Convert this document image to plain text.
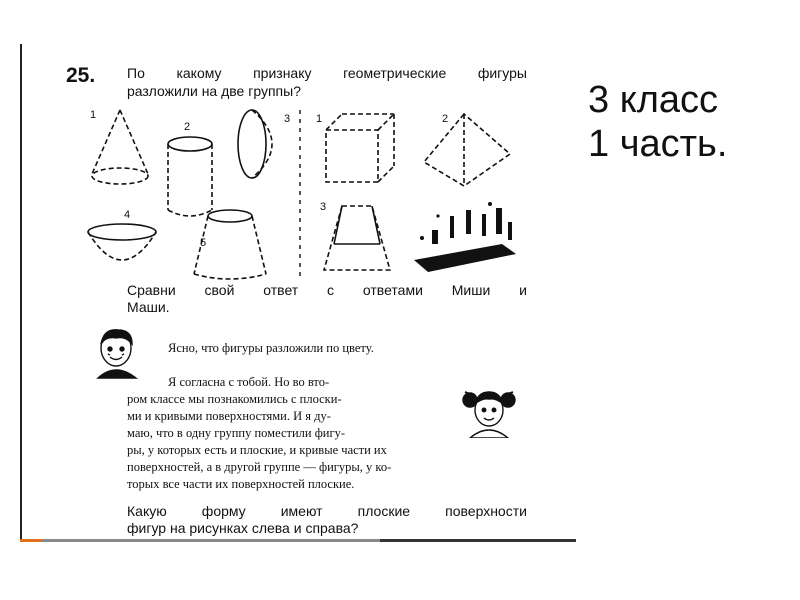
3 класс
1 часть.
25. По какому признаку геометрические фигуры
разложили на две группы?
1
2
3
4
5
1	2
3
Сравни свой ответ с ответами Миши и
Маши.
Ясно, что фигуры разложили по цвету.
Я согласна с тобой. Но во вто-
ром классе мы познакомились с плоски-
ми и кривыми поверхностями. И я ду-
маю, что в одну группу поместили фигу-
ры, у которых есть и плоские, и кривые части их
поверхностей, а в другой группе — фигуры, у ко-
торых все части их поверхностей плоские.
Какую	форму	имеют	плоские	поверхности
фигур на рисунках слева и справа?
